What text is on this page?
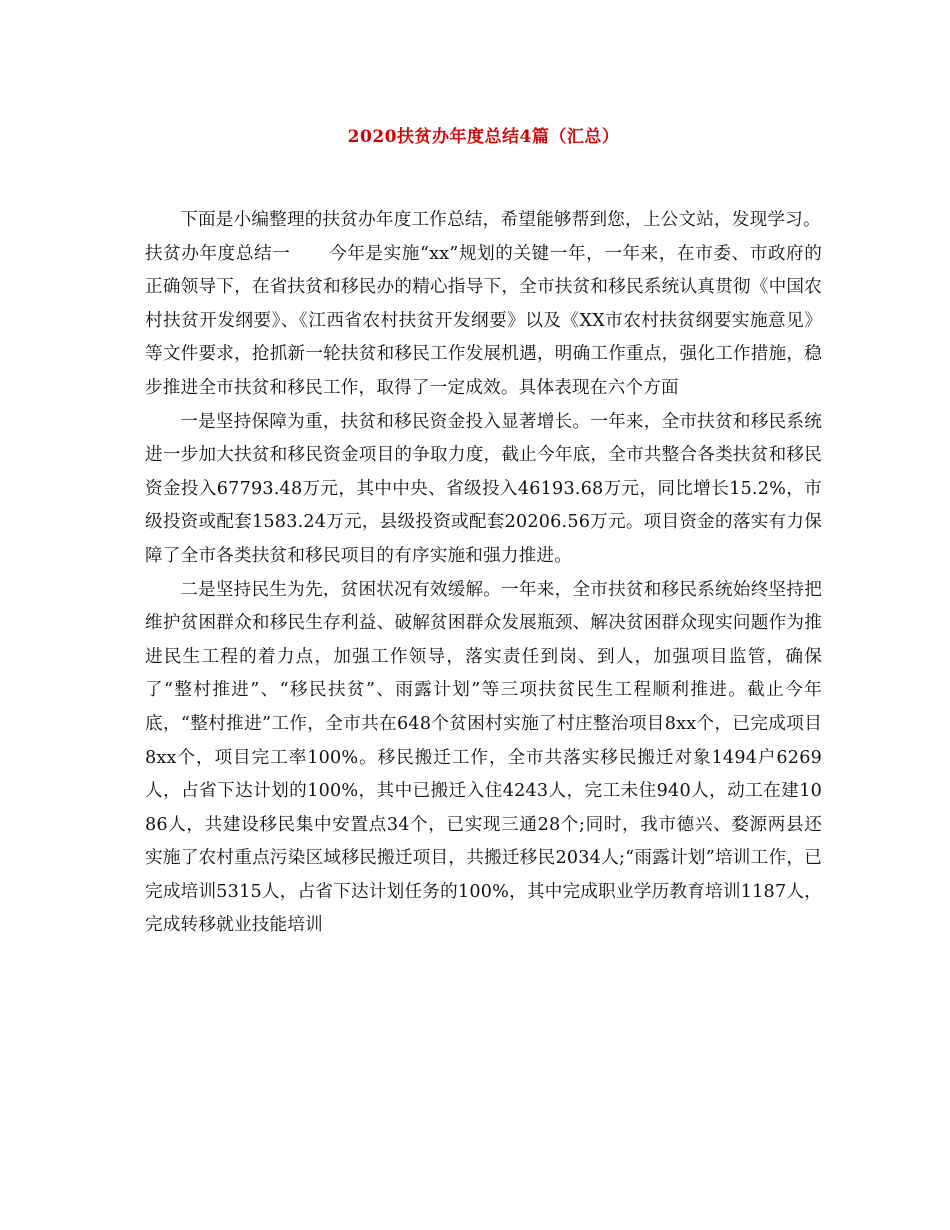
2020扶贫办年度总结4篇（汇总）

下面是小编整理的扶贫办年度工作总结，希望能够帮到您，上公文站，发现学习。

扶贫办年度总结一 今年是实施“xx”规划的关键一年，一年来，在市委、市政府的正确领导下，在省扶贫和移民办的精心指导下，全市扶贫和移民系统认真贯彻《中国农村扶贫开发纲要》、《江西省农村扶贫开发纲要》以及《XX市农村扶贫纲要实施意见》等文件要求，抢抓新一轮扶贫和移民工作发展机遇，明确工作重点，强化工作措施，稳步推进全市扶贫和移民工作，取得了一定成效。具体表现在六个方面

一是坚持保障为重，扶贫和移民资金投入显著增长。一年来，全市扶贫和移民系统进一步加大扶贫和移民资金项目的争取力度，截止今年底，全市共整合各类扶贫和移民资金投入67793.48万元，其中中央、省级投入46193.68万元，同比增长15.2%，市级投资或配套1583.24万元，县级投资或配套20206.56万元。项目资金的落实有力保障了全市各类扶贫和移民项目的有序实施和强力推进。

二是坚持民生为先，贫困状况有效缓解。一年来，全市扶贫和移民系统始终坚持把维护贫困群众和移民生存利益、破解贫困群众发展瓶颈、解决贫困群众现实问题作为推进民生工程的着力点，加强工作领导，落实责任到岗、到人，加强项目监管，确保了“整村推进”、“移民扶贫”、雨露计划”等三项扶贫民生工程顺利推进。截止今年底，“整村推进”工作，全市共在648个贫困村实施了村庄整治项目8xx个，已完成项目8xx个，项目完工率100%。移民搬迁工作，全市共落实移民搬迁对象1494户6269人，占省下达计划的100%，其中已搬迁入住4243人，完工未住940人，动工在建1086人，共建设移民集中安置点34个，已实现三通28个;同时，我市德兴、婺源两县还实施了农村重点污染区域移民搬迁项目，共搬迁移民2034人;“雨露计划”培训工作，已完成培训5315人，占省下达计划任务的100%，其中完成职业学历教育培训1187人，完成转移就业技能培训
